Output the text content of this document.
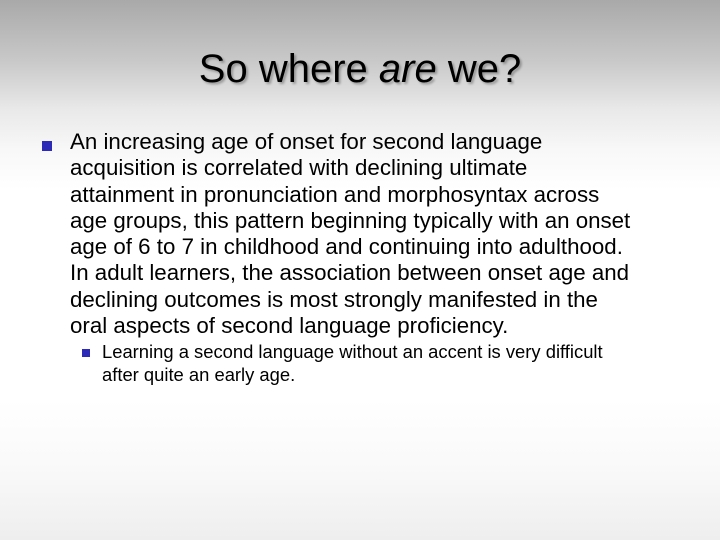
So where are we?
An increasing age of onset for second language
acquisition is correlated with declining ultimate
attainment in pronunciation and morphosyntax across
age groups, this pattern beginning typically with an onset
age of 6 to 7 in childhood and continuing into adulthood.
In adult learners, the association between onset age and
declining outcomes is most strongly manifested in the
oral aspects of second language proficiency.
Learning a second language without an accent is very difficult
after quite an early age.
